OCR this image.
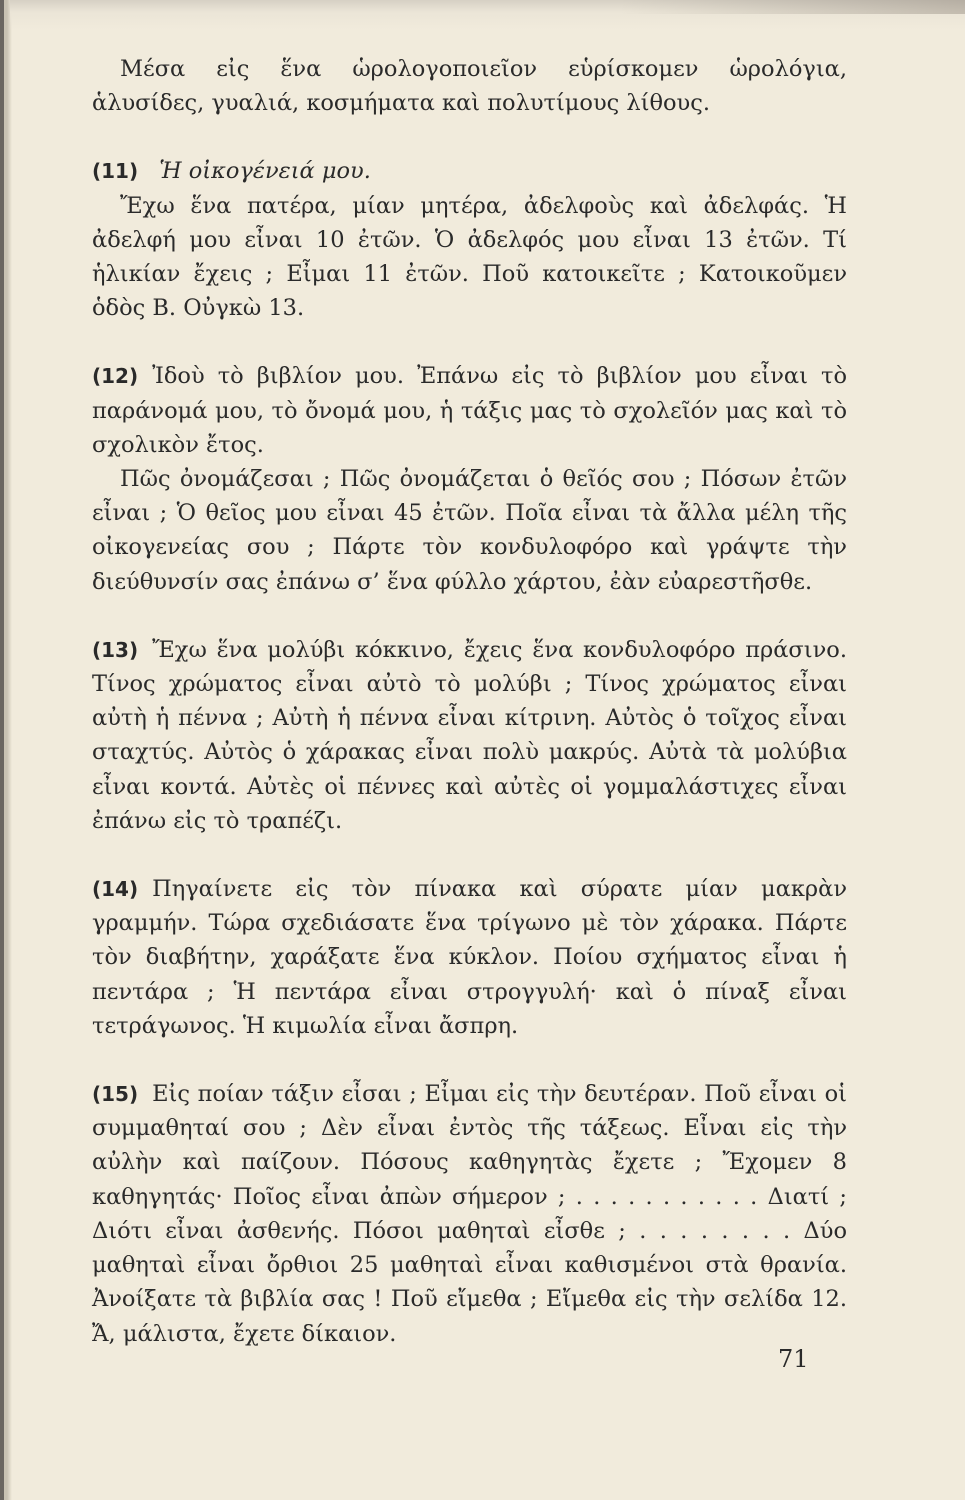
Μέσα εἰς ἕνα ὡρολογοποιεῖον εὑρίσκομεν ὡρολόγια, ἁλυσίδες, γυαλιά, κοσμήματα καὶ πολυτίμους λίθους.

(11) Ἡ οἰκογένειά μου.

Ἔχω ἕνα πατέρα, μίαν μητέρα, ἀδελφοὺς καὶ ἀδελφάς. Ἡ ἀδελφή μου εἶναι 10 ἐτῶν. Ὁ ἀδελφός μου εἶναι 13 ἐτῶν. Τί ἡλικίαν ἔχεις ; Εἶμαι 11 ἐτῶν. Ποῦ κατοικεῖτε ; Κατοικοῦμεν ὁδὸς Β. Οὐγκὼ 13.

(12) Ἰδοὺ τὸ βιβλίον μου. Ἐπάνω εἰς τὸ βιβλίον μου εἶναι τὸ παράνομά μου, τὸ ὄνομά μου, ἡ τάξις μας τὸ σχολεῖόν μας καὶ τὸ σχολικὸν ἔτος.

Πῶς ὀνομάζεσαι ; Πῶς ὀνομάζεται ὁ θεῖός σου ; Πόσων ἐτῶν εἶναι ; Ὁ θεῖος μου εἶναι 45 ἐτῶν. Ποῖα εἶναι τὰ ἄλλα μέλη τῆς οἰκογενείας σου ; Πάρτε τὸν κονδυλοφόρο καὶ γράψτε τὴν διεύθυνσίν σας ἐπάνω σ’ ἕνα φύλλο χάρτου, ἐὰν εὐαρεστῆσθε.

(13) Ἔχω ἕνα μολύβι κόκκινο, ἔχεις ἕνα κονδυλοφόρο πράσινο. Τίνος χρώματος εἶναι αὐτὸ τὸ μολύβι ; Τίνος χρώματος εἶναι αὐτὴ ἡ πέννα ; Αὐτὴ ἡ πέννα εἶναι κίτρινη. Αὐτὸς ὁ τοῖχος εἶναι σταχτύς. Αὐτὸς ὁ χάρακας εἶναι πολὺ μακρύς. Αὐτὰ τὰ μολύβια εἶναι κοντά. Αὐτὲς οἱ πέννες καὶ αὐτὲς οἱ γομμαλάστιχες εἶναι ἐπάνω εἰς τὸ τραπέζι.

(14) Πηγαίνετε εἰς τὸν πίνακα καὶ σύρατε μίαν μακρὰν γραμμήν. Τώρα σχεδιάσατε ἕνα τρίγωνο μὲ τὸν χάρακα. Πάρτε τὸν διαβήτην, χαράξατε ἕνα κύκλον. Ποίου σχήματος εἶναι ἡ πεντάρα ; Ἡ πεντάρα εἶναι στρογγυλή· καὶ ὁ πίναξ εἶναι τετράγωνος. Ἡ κιμωλία εἶναι ἄσπρη.

(15) Εἰς ποίαν τάξιν εἶσαι ; Εἶμαι εἰς τὴν δευτέραν. Ποῦ εἶναι οἱ συμμαθηταί σου ; Δὲν εἶναι ἐντὸς τῆς τάξεως. Εἶναι εἰς τὴν αὐλὴν καὶ παίζουν. Πόσους καθηγητὰς ἔχετε ; Ἔχομεν 8 καθηγητάς· Ποῖος εἶναι ἀπὼν σήμερον ; . . . . . . . . . . . Διατί ; Διότι εἶναι ἀσθενής. Πόσοι μαθηταὶ εἶσθε ; . . . . . . . . Δύο μαθηταὶ εἶναι ὄρθιοι 25 μαθηταὶ εἶναι καθισμένοι στὰ θρανία. Ἀνοίξατε τὰ βιβλία σας ! Ποῦ εἴμεθα ; Εἴμεθα εἰς τὴν σελίδα 12. Ἄ, μάλιστα, ἔχετε δίκαιον.

71
